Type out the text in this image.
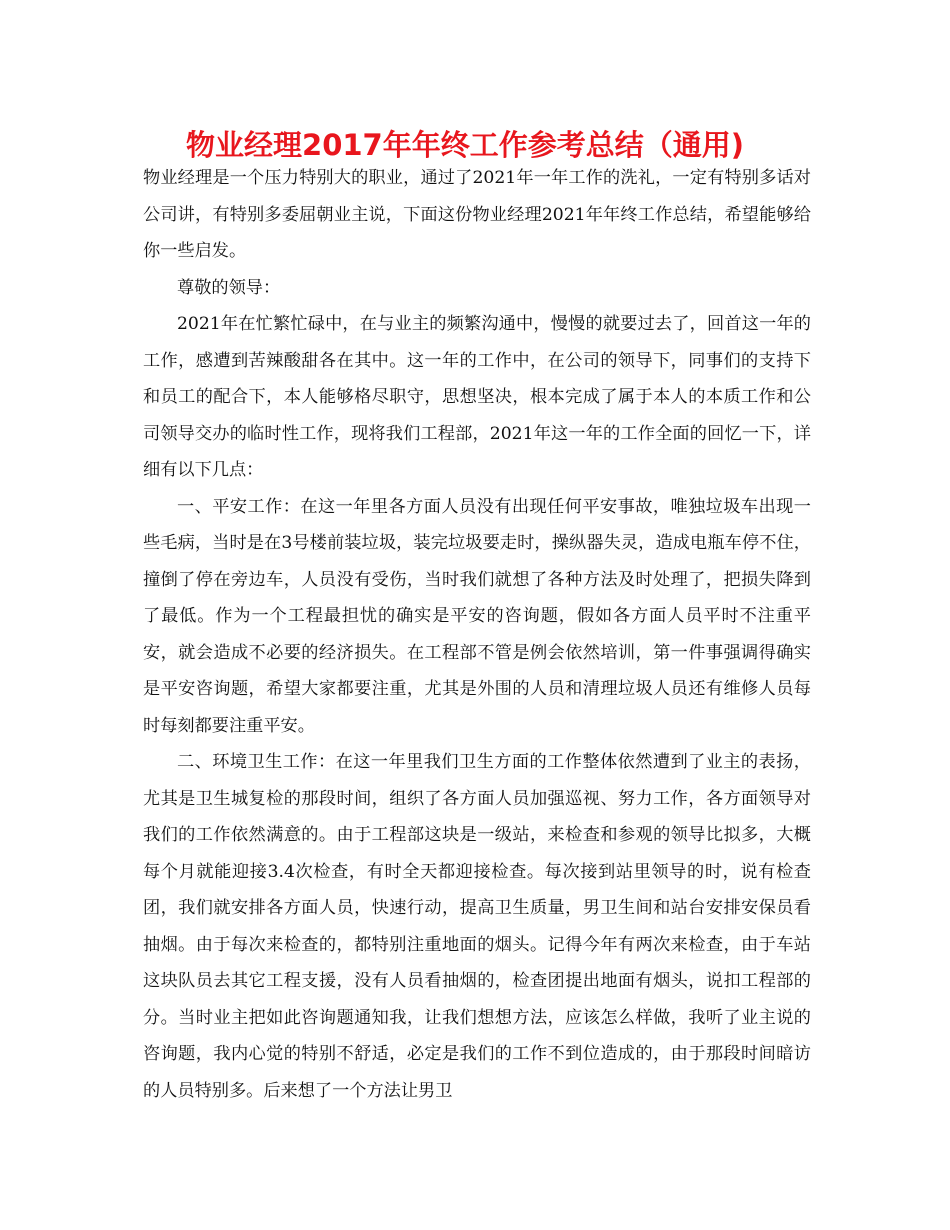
物业经理2017年年终工作参考总结（通用)

物业经理是一个压力特别大的职业，通过了2021年一年工作的洗礼，一定有特别多话对公司讲，有特别多委屈朝业主说，下面这份物业经理2021年年终工作总结，希望能够给你一些启发。

尊敬的领导：

2021年在忙繁忙碌中，在与业主的频繁沟通中，慢慢的就要过去了，回首这一年的工作，感遭到苦辣酸甜各在其中。这一年的工作中，在公司的领导下，同事们的支持下和员工的配合下，本人能够格尽职守，思想坚决，根本完成了属于本人的本质工作和公司领导交办的临时性工作，现将我们工程部，2021年这一年的工作全面的回忆一下，详细有以下几点：

一、平安工作：在这一年里各方面人员没有出现任何平安事故，唯独垃圾车出现一些毛病，当时是在3号楼前装垃圾，装完垃圾要走时，操纵器失灵，造成电瓶车停不住，撞倒了停在旁边车，人员没有受伤，当时我们就想了各种方法及时处理了，把损失降到了最低。作为一个工程最担忧的确实是平安的咨询题，假如各方面人员平时不注重平安，就会造成不必要的经济损失。在工程部不管是例会依然培训，第一件事强调得确实是平安咨询题，希望大家都要注重，尤其是外围的人员和清理垃圾人员还有维修人员每时每刻都要注重平安。

二、环境卫生工作：在这一年里我们卫生方面的工作整体依然遭到了业主的表扬，尤其是卫生城复检的那段时间，组织了各方面人员加强巡视、努力工作，各方面领导对我们的工作依然满意的。由于工程部这块是一级站，来检查和参观的领导比拟多，大概每个月就能迎接3.4次检查，有时全天都迎接检查。每次接到站里领导的时，说有检查团，我们就安排各方面人员，快速行动，提高卫生质量，男卫生间和站台安排安保员看抽烟。由于每次来检查的，都特别注重地面的烟头。记得今年有两次来检查，由于车站这块队员去其它工程支援，没有人员看抽烟的，检查团提出地面有烟头，说扣工程部的分。当时业主把如此咨询题通知我，让我们想想方法，应该怎么样做，我听了业主说的咨询题，我内心觉的特别不舒适，必定是我们的工作不到位造成的，由于那段时间暗访的人员特别多。后来想了一个方法让男卫
